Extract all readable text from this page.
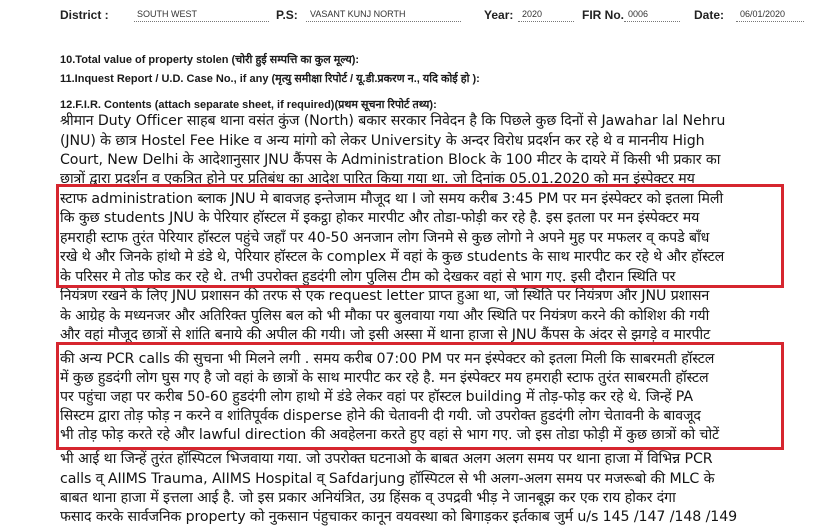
District :	SOUTH WEST	P.S: VASANT KUNJ NORTH	Year: 2020	FIR No. 0006	Date: 06/01/2020
10.Total value of property stolen (चोरी हुई सम्पत्ति का कुल मूल्य):
11.Inquest Report / U.D. Case No., if any (मृत्यु समीक्षा रिपोर्ट / यू.डी.प्रकरण न., यदि कोई हो ):
12.F.I.R. Contents (attach separate sheet, if required)(प्रथम सूचना रिपोर्ट तथ्य):
श्रीमान Duty Officer साहब थाना वसंत कुंज (North) बकार सरकार निवेदन है कि पिछले कुछ दिनों से Jawahar lal Nehru
(JNU) के छात्र Hostel Fee Hike व अन्य मांगो को लेकर University के अन्दर विरोध प्रदर्शन कर रहे थे व माननीय High
Court, New Delhi के आदेशानुसार JNU कैंपस के Administration Block के 100 मीटर के दायरे में किसी भी प्रकार का
छात्रों द्वारा प्रदर्शन व एकत्रित होने पर प्रतिबंध का आदेश पारित किया गया था. जो दिनांक 05.01.2020 को मन इंस्पेक्टर मय
स्टाफ administration ब्लाक JNU मे बावजह इन्तेजाम मौजूद था I जो समय करीब 3:45 PM पर मन इंस्पेक्टर को इतला मिली
कि कुछ students JNU के पेरियार हॉस्टल में इकट्ठा होकर मारपीट और तोडा-फोड़ी कर रहे है. इस इतला पर मन इंस्पेक्टर मय
हमराही स्टाफ तुरंत पेरियार हॉस्टल पहुंचे जहाँ पर 40-50 अनजान लोग जिनमे से कुछ लोगो ने अपने मुह पर मफलर व् कपडे बाँध
रखे थे और जिनके हांथो मे डंडे थे, पेरियार हॉस्टल के complex में वहां के कुछ students के साथ मारपीट कर रहे थे और हॉस्टल
के परिसर मे तोड फोड कर रहे थे. तभी उपरोक्त हुडदंगी लोग पुलिस टीम को देखकर वहां से भाग गए. इसी दौरान स्थिति पर
नियंत्रण रखने के लिए JNU प्रशासन की तरफ से एक request letter प्राप्त हुआ था, जो स्थिति पर नियंत्रण और JNU प्रशासन
के आग्रेह के मध्यनजर और अतिरिक्त पुलिस बल को भी मौका पर बुलवाया गया और स्थिति पर नियंत्रण करने की कोशिश की गयी
और वहां मौजूद छात्रों से शांति बनाये की अपील की गयी। जो इसी अस्सा में थाना हाजा से JNU कैंपस के अंदर से झगड़े व मारपीट
की अन्य PCR calls की सुचना भी मिलने लगी . समय करीब 07:00 PM पर मन इंस्पेक्टर को इतला मिली कि साबरमती हॉस्टल
में कुछ हुडदंगी लोग घुस गए है जो वहां के छात्रों के साथ मारपीट कर रहे है. मन इंस्पेक्टर मय हमराही स्टाफ तुरंत साबरमती हॉस्टल
पर पहुंचा जहा पर करीब 50-60 हुडदंगी लोग हाथो में डंडे लेकर वहां पर हॉस्टल building में तोड़-फोड़ कर रहे थे. जिन्हें PA
सिस्टम द्वारा तोड़ फोड़ न करने व शांतिपूर्वक disperse होने की चेतावनी दी गयी. जो उपरोक्त हुडदंगी लोग चेतावनी के बावजूद
भी तोड़ फोड़ करते रहे और lawful direction की अवहेलना करते हुए वहां से भाग गए. जो इस तोडा फोड़ी में कुछ छात्रों को चोटें
भी आई था जिन्हें तुरंत हॉस्पिटल भिजवाया गया. जो उपरोक्त घटनाओ के बाबत अलग अलग समय पर थाना हाजा में विभिन्न PCR
calls व् AIIMS Trauma, AIIMS Hospital व् Safdarjung हॉस्पिटल से भी अलग-अलग समय पर मजरूबो की MLC के
बाबत थाना हाजा में इत्तला आई है. जो इस प्रकार अनियंत्रित, उग्र हिंसक व् उपद्रवी भीड़ ने जानबूझ कर एक राय होकर दंगा
फसाद करके सार्वजनिक property को नुकसान पंहुचाकर कानून वयवस्था को बिगाड़कर इर्तकाब जुर्म u/s 145 /147 /148 /149
